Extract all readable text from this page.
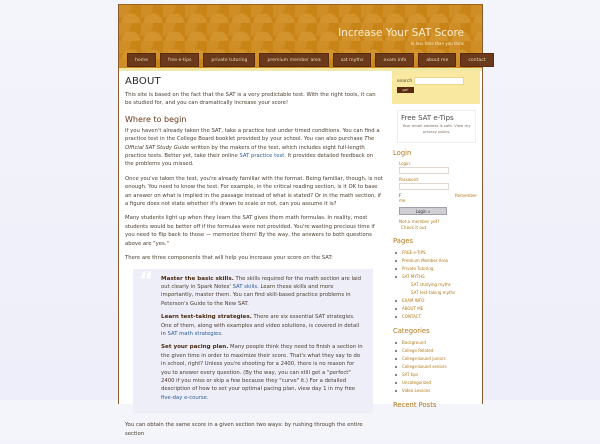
Increase Your SAT Score
In less time than you think
home	free e-tips	private tutoring	premium member area	sat myths	exam info	about me	contact
ABOUT

This site is based on the fact that the SAT is a very predictable test. With the right tools, it can be studied for, and you can dramatically increase your score!

Where to begin

If you haven't already taken the SAT, take a practice test under timed conditions. You can find a practice test in the College Board booklet provided by your school. You can also purchase The Official SAT Study Guide written by the makers of the test, which includes eight full-length practice tests. Better yet, take their online SAT practice test. It provides detailed feedback on the problems you missed.

Once you've taken the test, you're already familiar with the format. Being familiar, though, is not enough. You need to know the test. For example, in the critical reading section, is it OK to base an answer on what is implied in the passage instead of what is stated? Or in the math section, if a figure does not state whether it's drawn to scale or not, can you assume it is?

Many students light up when they learn the SAT gives them math formulas. In reality, most students would be better off if the formulas were not provided. You're wasting precious time if you need to flip back to those — memorize them! By the way, the answers to both questions above are "yes."

There are three components that will help you increase your score on the SAT:

“ Master the basic skills. The skills required for the math section are laid out clearly in Spark Notes' SAT skills. Learn these skills and more importantly, master them. You can find skill-based practice problems in Peterson's Guide to the New SAT.

Learn test-taking strategies. There are six essential SAT strategies. One of them, along with examples and video solutions, is covered in detail in SAT math strategies.

Set your pacing plan. Many people think they need to finish a section in the given time in order to maximize their score. That's what they say to do in school, right? Unless you're shooting for a 2400, there is no reason for you to answer every question. (By the way, you can still get a "perfect" 2400 if you miss or skip a few because they "curve" it.) For a detailed description of how to set your optimal pacing plan, view day 1 in my free five-day e-course.

You can obtain the same score in a given section two ways: by rushing through the entire section

search
go!
Free SAT e-Tips
Your email address is safe. View my privacy policy.
Login
Login:
Password:
F	Remember
me
Login »
Not a member yet?
Check it out
Pages
FREE e-TIPS
Premium Member Area
Private Tutoring
SAT MYTHS
SAT studying myths
SAT test-taking myths
EXAM INFO
ABOUT ME
CONTACT
Categories
Background
College Related
College-bound juniors
College-bound seniors
SAT tips
Uncategorized
Video Lessons
Recent Posts
